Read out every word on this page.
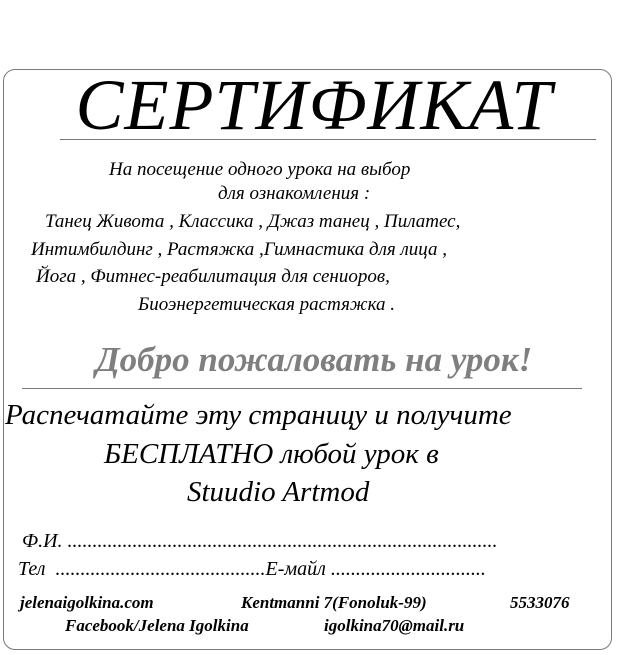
СЕРТИФИКАТ
На посещение одного урока на выбор
для ознакомления :
Танец Живота , Классика , Джаз танец , Пилатес,
Интимбилдинг , Растяжка ,Гимнастика для лица ,
Йога , Фитнес-реабилитация для сениоров,
Биоэнергетическая растяжка .
Добро пожаловать на урок!
Распечатайте эту страницу и получите
БЕСПЛАТНО любой урок в
Stuudio Artmod
Ф.И. ......................................................................................
Тел ..........................................E-майл ...............................
jelenaigolkina.com	Kentmanni 7(Fonoluk-99)	5533076
Facebook/Jelena Igolkina	igolkina70@mail.ru
